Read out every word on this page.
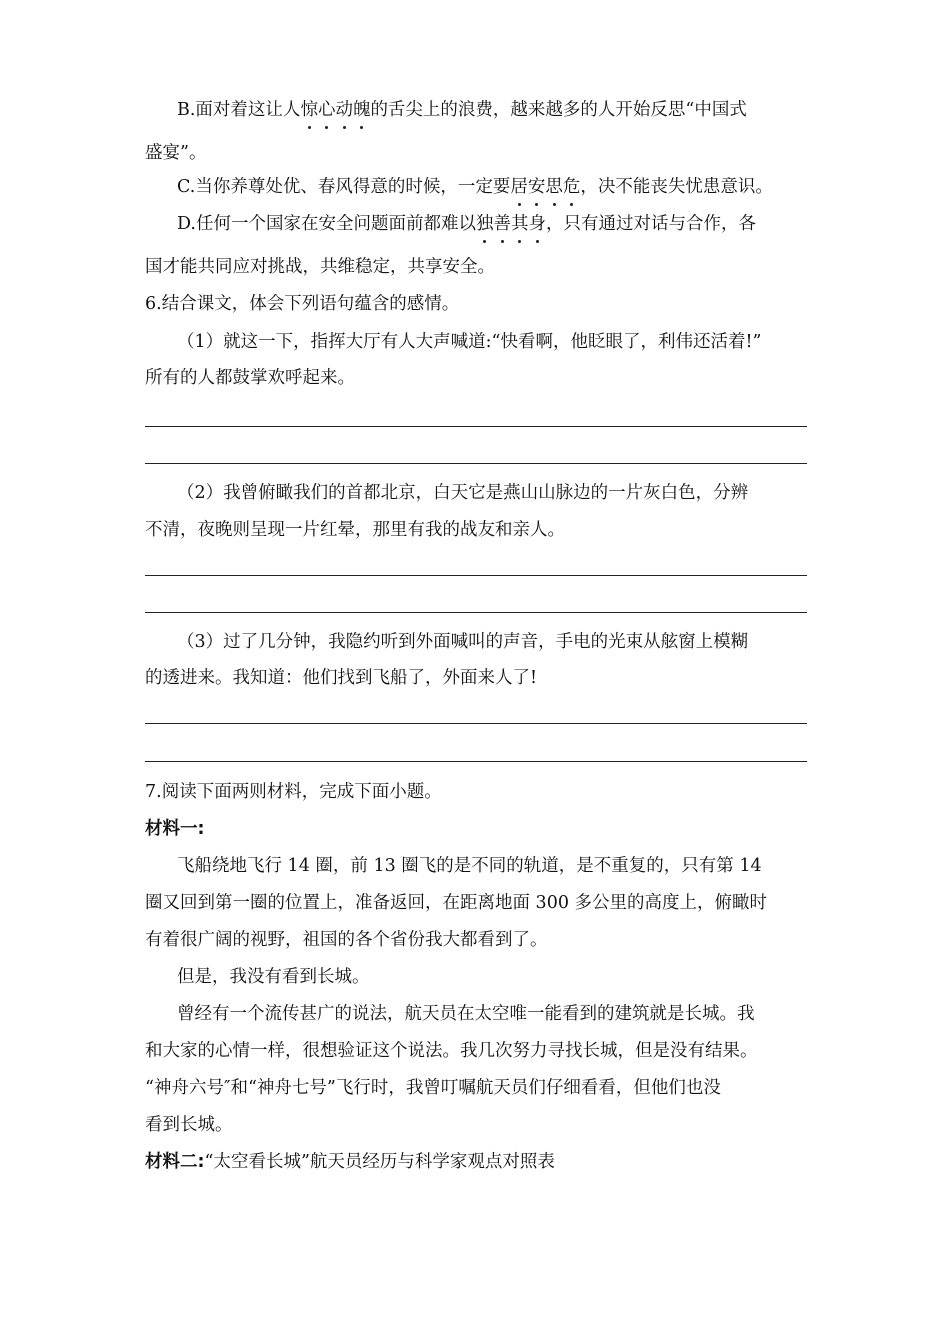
B.面对着这让人惊心动魄的舌尖上的浪费，越来越多的人开始反思“中国式
盛宴”。
C.当你养尊处优、春风得意的时候，一定要居安思危，决不能丧失忧患意识。
D.任何一个国家在安全问题面前都难以独善其身，只有通过对话与合作，各
国才能共同应对挑战，共维稳定，共享安全。
6.结合课文，体会下列语句蕴含的感情。
（1）就这一下，指挥大厅有人大声喊道:“快看啊，他眨眼了，利伟还活着!”
所有的人都鼓掌欢呼起来。
（2）我曾俯瞰我们的首都北京，白天它是燕山山脉边的一片灰白色，分辨
不清，夜晚则呈现一片红晕，那里有我的战友和亲人。
（3）过了几分钟，我隐约听到外面喊叫的声音，手电的光束从舷窗上模糊
的透进来。我知道：他们找到飞船了，外面来人了!
7.阅读下面两则材料，完成下面小题。
材料一:
飞船绕地飞行 14 圈，前 13 圈飞的是不同的轨道，是不重复的，只有第 14
圈又回到第一圈的位置上，准备返回，在距离地面 300 多公里的高度上，俯瞰时
有着很广阔的视野，祖国的各个省份我大都看到了。
但是，我没有看到长城。
曾经有一个流传甚广的说法，航天员在太空唯一能看到的建筑就是长城。我
和大家的心情一样，很想验证这个说法。我几次努力寻找长城，但是没有结果。
“神舟六号″和“神舟七号”飞行时，我曾叮嘱航天员们仔细看看，但他们也没
看到长城。
材料二:“太空看长城”航天员经历与科学家观点对照表
